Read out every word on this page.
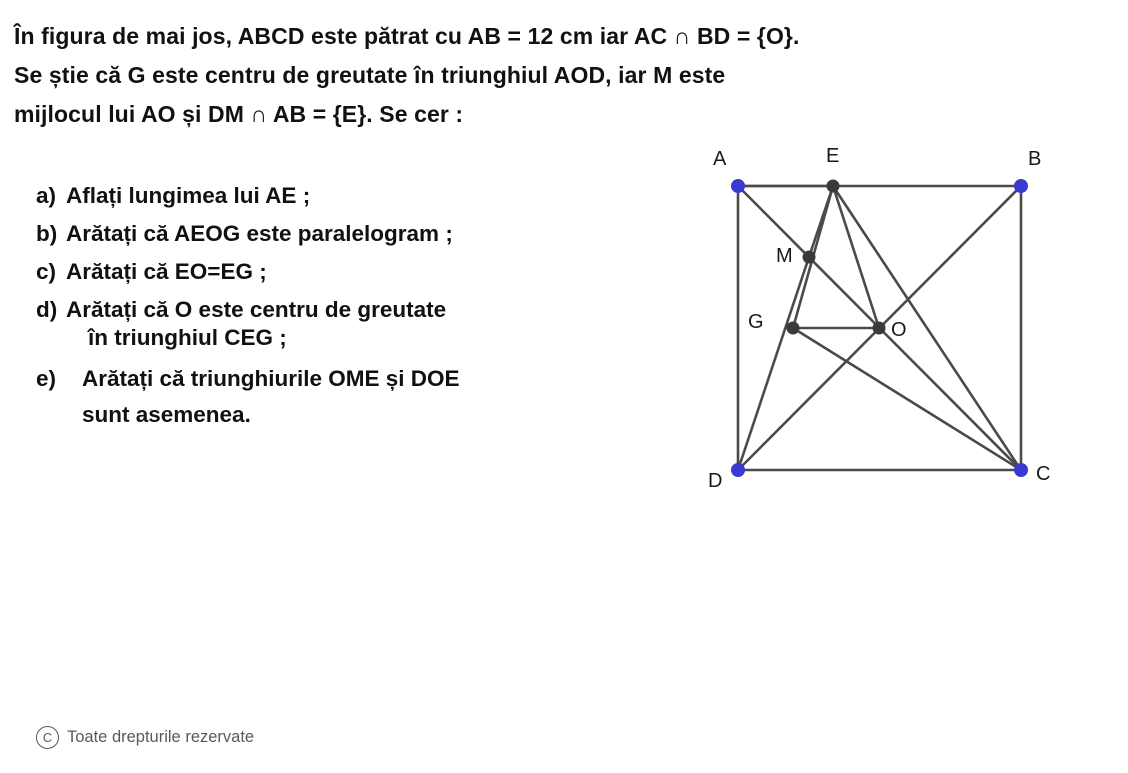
În figura de mai jos, ABCD este pătrat cu AB = 12 cm iar AC ∩ BD = {O}.

Se știe că G este centru de greutate în triunghiul AOD, iar M este

mijlocul lui AO și DM ∩ AB = {E}. Se cer :

a) Aflați lungimea lui AE ;
b) Arătați că AEOG este paralelogram ;
c) Arătați că EO=EG ;
d) Arătați că O este centru de greutate
în triunghiul CEG ;
e)	Arătați că triunghiurile OME și DOE
sunt asemenea.
A	B
C
D
E
M
G	O
C Toate drepturile rezervate
